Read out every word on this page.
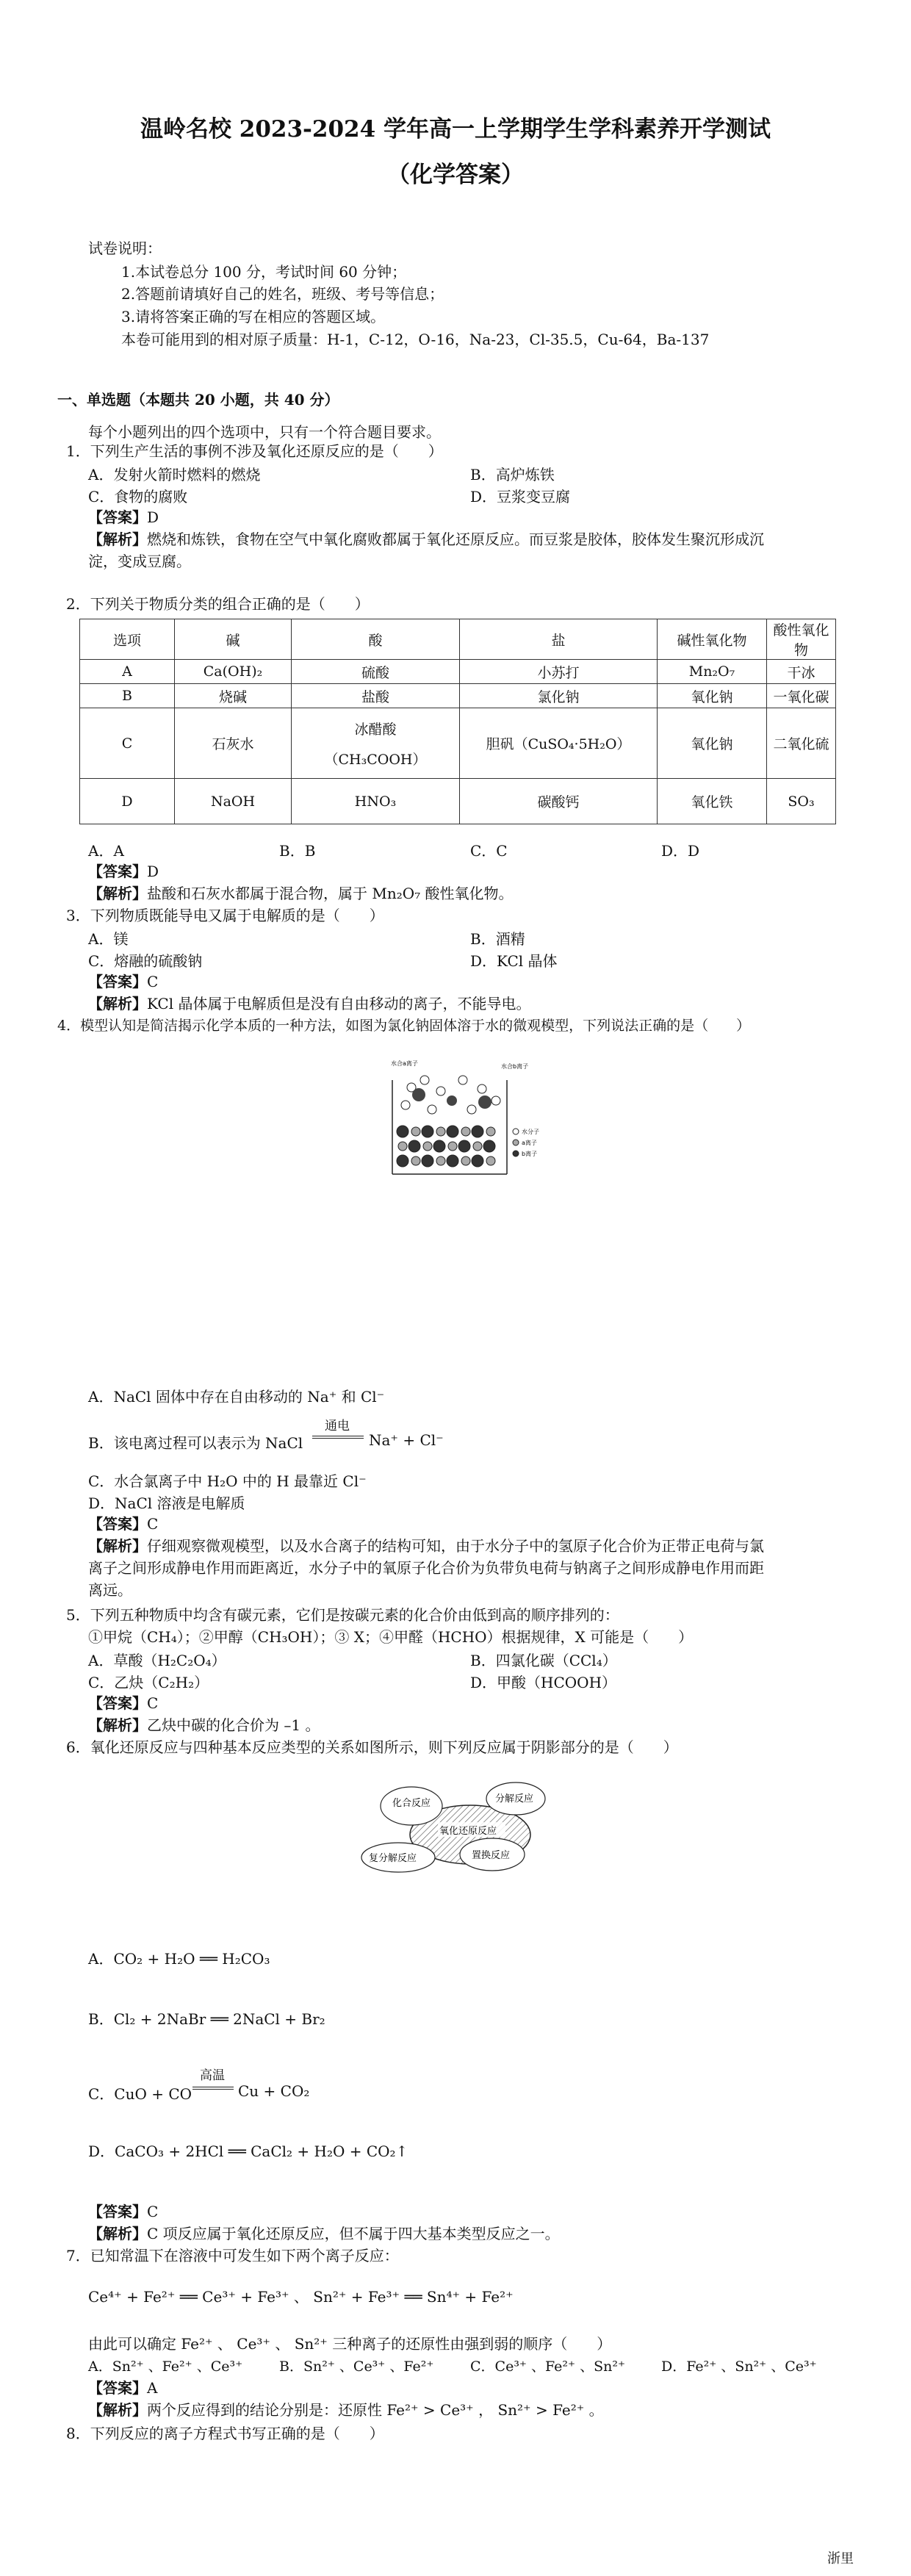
温岭名校 2023-2024 学年高一上学期学生学科素养开学测试
（化学答案）
试卷说明：
1.本试卷总分 100 分，考试时间 60 分钟；
2.答题前请填好自己的姓名，班级、考号等信息；
3.请将答案正确的写在相应的答题区域。
本卷可能用到的相对原子质量：H-1，C-12，O-16，Na-23，Cl-35.5，Cu-64，Ba-137
一、单选题（本题共 20 小题，共 40 分）
每个小题列出的四个选项中，只有一个符合题目要求。
1．下列生产生活的事例不涉及氧化还原反应的是（　　）
A．发射火箭时燃料的燃烧	B．高炉炼铁
C．食物的腐败	D．豆浆变豆腐
【答案】D
【解析】燃烧和炼铁，食物在空气中氧化腐败都属于氧化还原反应。而豆浆是胶体，胶体发生聚沉形成沉
淀，变成豆腐。
2．下列关于物质分类的组合正确的是（　　）
选项	碱	酸	盐	碱性氧化物	酸性氧化物
A	Ca(OH)₂	硫酸	小苏打	Mn₂O₇	干冰
B	烧碱	盐酸	氯化钠	氧化钠	一氧化碳
C	石灰水	冰醋酸
（CH₃COOH）	胆矾（CuSO₄·5H₂O）	氧化钠	二氧化硫
D	NaOH	HNO₃	碳酸钙	氧化铁	SO₃
A．A	B．B	C．C	D．D
【答案】D
【解析】盐酸和石灰水都属于混合物，属于 Mn₂O₇ 酸性氧化物。
3．下列物质既能导电又属于电解质的是（　　）
A．镁	B．酒精
C．熔融的硫酸钠	D．KCl 晶体
【答案】C
【解析】KCl 晶体属于电解质但是没有自由移动的离子，不能导电。
4．模型认知是简洁揭示化学本质的一种方法，如图为氯化钠固体溶于水的微观模型，下列说法正确的是（　　）
水合a离子	水合b离子
水分子
a离子
b离子
A．NaCl 固体中存在自由移动的 Na⁺ 和 Cl⁻
B．该电离过程可以表示为 NaCl
通电
Na⁺ + Cl⁻
C．水合氯离子中 H₂O 中的 H 最靠近 Cl⁻
D．NaCl 溶液是电解质
【答案】C
【解析】仔细观察微观模型，以及水合离子的结构可知，由于水分子中的氢原子化合价为正带正电荷与氯
离子之间形成静电作用而距离近，水分子中的氧原子化合价为负带负电荷与钠离子之间形成静电作用而距
离远。
5．下列五种物质中均含有碳元素，它们是按碳元素的化合价由低到高的顺序排列的：
①甲烷（CH₄）；②甲醇（CH₃OH）；③ X；④甲醛（HCHO）根据规律，X 可能是（　　）
A．草酸（H₂C₂O₄）	B．四氯化碳（CCl₄）
C．乙炔（C₂H₂）	D．甲酸（HCOOH）
【答案】C
【解析】乙炔中碳的化合价为 –1 。
6．氧化还原反应与四种基本反应类型的关系如图所示，则下列反应属于阴影部分的是（　　）
化合反应	分解反应
氧化还原反应
复分解反应	置换反应
A．CO₂ + H₂O ══ H₂CO₃
B．Cl₂ + 2NaBr ══ 2NaCl + Br₂
C．CuO + CO
高温
Cu + CO₂
D．CaCO₃ + 2HCl ══ CaCl₂ + H₂O + CO₂↑
【答案】C
【解析】C 项反应属于氧化还原反应，但不属于四大基本类型反应之一。
7．已知常温下在溶液中可发生如下两个离子反应：
Ce⁴⁺ + Fe²⁺ ══ Ce³⁺ + Fe³⁺ 、 Sn²⁺ + Fe³⁺ ══ Sn⁴⁺ + Fe²⁺
由此可以确定 Fe²⁺ 、 Ce³⁺ 、 Sn²⁺ 三种离子的还原性由强到弱的顺序（　　）
A．Sn²⁺ 、Fe²⁺ 、Ce³⁺	B．Sn²⁺ 、Ce³⁺ 、Fe²⁺	C．Ce³⁺ 、Fe²⁺ 、Sn²⁺	D．Fe²⁺ 、Sn²⁺ 、Ce³⁺
【答案】A
【解析】两个反应得到的结论分别是：还原性 Fe²⁺ > Ce³⁺ ， Sn²⁺ > Fe²⁺ 。
8．下列反应的离子方程式书写正确的是（　　）
浙里
